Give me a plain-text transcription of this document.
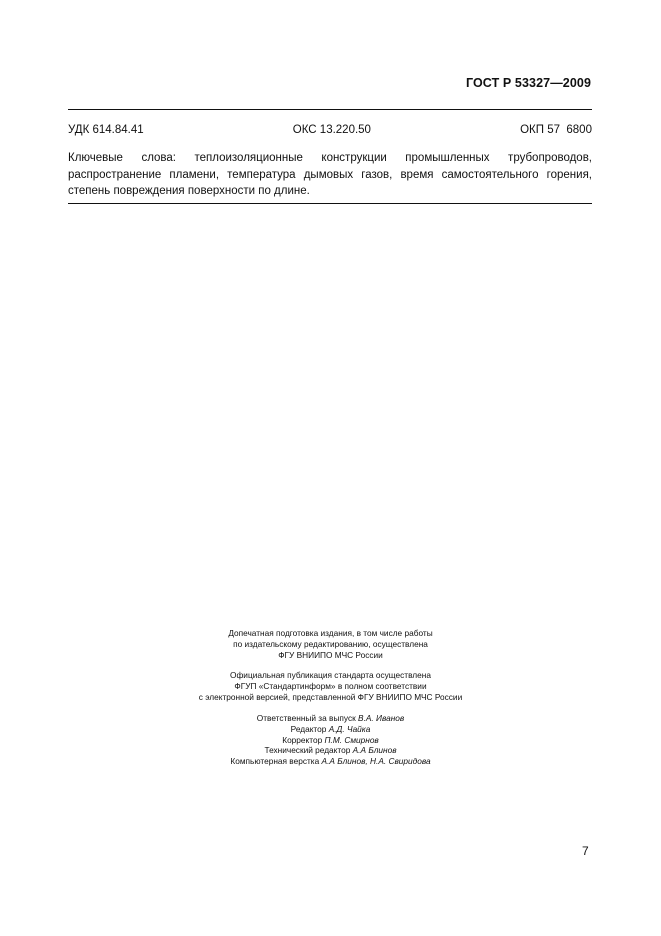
ГОСТ Р 53327—2009
УДК 614.84.41	ОКС 13.220.50	ОКП 57  6800
Ключевые слова: теплоизоляционные конструкции промышленных трубопроводов, распространение пламени, температура дымовых газов, время самостоятельного горения, степень повреждения поверхности по длине.
Допечатная подготовка издания, в том числе работы
по издательскому редактированию, осуществлена
ФГУ ВНИИПО МЧС России
Официальная публикация стандарта осуществлена
ФГУП «Стандартинформ» в полном соответствии
с электронной версией, представленной ФГУ ВНИИПО МЧС России
Ответственный за выпуск В.А. Иванов
Редактор А.Д. Чайка
Корректор П.М. Смирнов
Технический редактор А.А Блинов
Компьютерная верстка А.А Блинов, Н.А. Свиридова
7
